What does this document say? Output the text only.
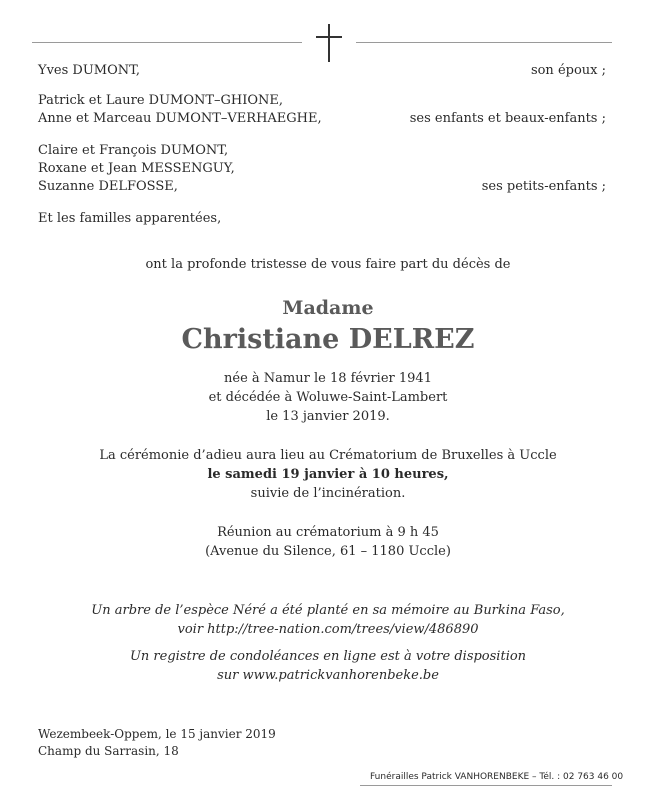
Yves DUMONT,	son époux ;
Patrick et Laure DUMONT–GHIONE,
Anne et Marceau DUMONT–VERHAEGHE,	ses enfants et beaux-enfants ;
Claire et François DUMONT,
Roxane et Jean MESSENGUY,
Suzanne DELFOSSE,	ses petits-enfants ;
Et les familles apparentées,
ont la profonde tristesse de vous faire part du décès de
Madame
Christiane DELREZ
née à Namur le 18 février 1941
et décédée à Woluwe-Saint-Lambert
le 13 janvier 2019.
La cérémonie d’adieu aura lieu au Crématorium de Bruxelles à Uccle
le samedi 19 janvier à 10 heures,
suivie de l’incinération.
Réunion au crématorium à 9 h 45
(Avenue du Silence, 61 – 1180 Uccle)
Un arbre de l’espèce Néré a été planté en sa mémoire au Burkina Faso,
voir http://tree-nation.com/trees/view/486890
Un registre de condoléances en ligne est à votre disposition
sur www.patrickvanhorenbeke.be
Wezembeek-Oppem, le 15 janvier 2019
Champ du Sarrasin, 18
Funérailles Patrick VANHORENBEKE – Tél. : 02 763 46 00
